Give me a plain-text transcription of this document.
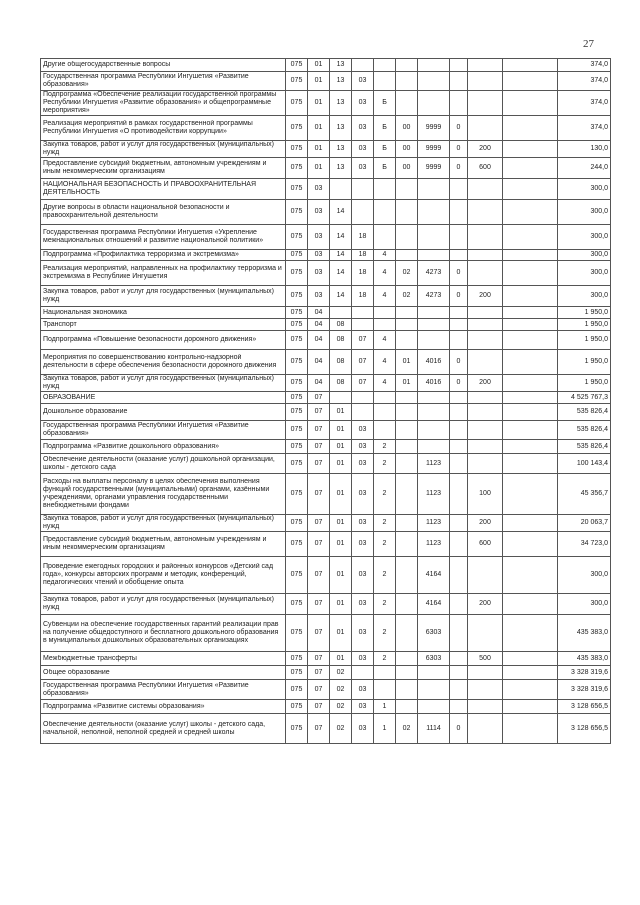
27
Другие общегосударственные вопросы	075	01	13								374,0

Государственная программа Республики Ингушетия «Развитие образования»	075	01	13	03							374,0

Подпрограмма «Обеспечение реализации государственной программы Республики Ингушетия «Развитие образования» и общепрограммные мероприятия»	075	01	13	03	Б						374,0

Реализация мероприятий в рамках государственной программы Республики Ингушетия «О противодействии коррупции»	075	01	13	03	Б	00	9999	0			374,0

Закупка товаров, работ и услуг для государственных (муниципальных) нужд	075	01	13	03	Б	00	9999	0	200		130,0

Предоставление субсидий бюджетным, автономным учреждениям и иным некоммерческим организациям	075	01	13	03	Б	00	9999	0	600		244,0

НАЦИОНАЛЬНАЯ БЕЗОПАСНОСТЬ И ПРАВООХРАНИТЕЛЬНАЯ ДЕЯТЕЛЬНОСТЬ	075	03									300,0

Другие вопросы в области национальной безопасности и правоохранительной деятельности	075	03	14								300,0

Государственная программа Республики Ингушетия «Укрепление межнациональных отношений и развитие национальной политики»	075	03	14	18							300,0

Подпрограмма «Профилактика терроризма и экстремизма»	075	03	14	18	4						300,0

Реализация мероприятий, направленных на профилактику терроризма и экстремизма в Республике Ингушетия	075	03	14	18	4	02	4273	0			300,0

Закупка товаров, работ и услуг для государственных (муниципальных) нужд	075	03	14	18	4	02	4273	0	200		300,0

Национальная экономика	075	04									1 950,0

Транспорт	075	04	08								1 950,0

Подпрограмма «Повышение безопасности дорожного движения»	075	04	08	07	4						1 950,0

Мероприятия по совершенствованию контрольно-надзорной деятельности в сфере обеспечения безопасности дорожного движения	075	04	08	07	4	01	4016	0			1 950,0

Закупка товаров, работ и услуг для государственных (муниципальных) нужд	075	04	08	07	4	01	4016	0	200		1 950,0

ОБРАЗОВАНИЕ	075	07									4 525 767,3

Дошкольное образование	075	07	01								535 826,4

Государственная программа Республики Ингушетия «Развитие образования»	075	07	01	03							535 826,4

Подпрограмма «Развитие дошкольного образования»	075	07	01	03	2						535 826,4

Обеспечение деятельности (оказание услуг) дошкольной организации, школы - детского сада	075	07	01	03	2		1123				100 143,4

Расходы на выплаты персоналу в целях обеспечения выполнения функций государственными (муниципальными) органами, казёнными учреждениями, органами управления государственными внебюджетными фондами	075	07	01	03	2		1123		100		45 356,7

Закупка товаров, работ и услуг для государственных (муниципальных) нужд	075	07	01	03	2		1123		200		20 063,7

Предоставление субсидий бюджетным, автономным учреждениям и иным некоммерческим организациям	075	07	01	03	2		1123		600		34 723,0

Проведение ежегодных городских и районных конкурсов «Детский сад года», конкурсы авторских программ и методик, конференций, педагогических чтений и обобщение опыта	075	07	01	03	2		4164				300,0

Закупка товаров, работ и услуг для государственных (муниципальных) нужд	075	07	01	03	2		4164		200		300,0

Субвенции на обеспечение государственных гарантий реализации прав на получение общедоступного и бесплатного дошкольного образования в муниципальных дошкольных образовательных организациях	075	07	01	03	2		6303				435 383,0

Межбюджетные трансферты	075	07	01	03	2		6303		500		435 383,0

Общее образование	075	07	02								3 328 319,6

Государственная программа Республики Ингушетия «Развитие образования»	075	07	02	03							3 328 319,6

Подпрограмма «Развитие системы образования»	075	07	02	03	1						3 128 656,5

Обеспечение деятельности (оказание услуг) школы - детского сада, начальной, неполной, неполной средней и средней школы	075	07	02	03	1	02	1114	0			3 128 656,5
